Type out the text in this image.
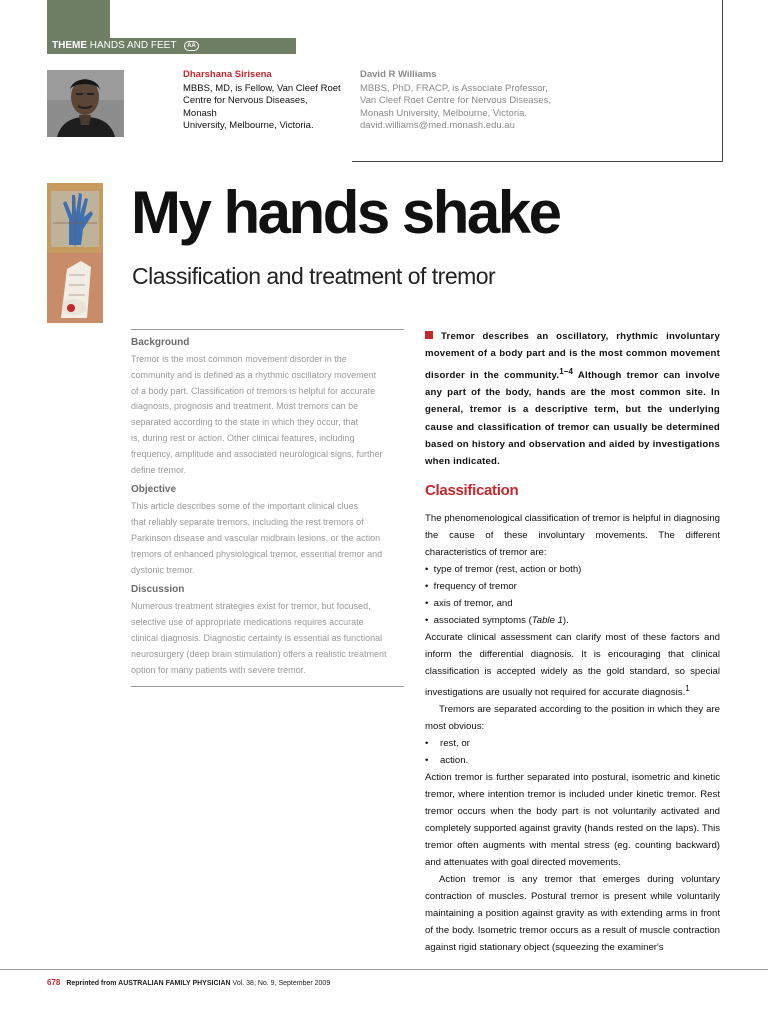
THEME HANDS AND FEET AA
Dharshana Sirisena
MBBS, MD, is Fellow, Van Cleef Roet
Centre for Nervous Diseases, Monash
University, Melbourne, Victoria.
David R Williams
MBBS, PhD, FRACP, is Associate Professor,
Van Cleef Roet Centre for Nervous Diseases,
Monash University, Melbourne, Victoria.
david.williams@med.monash.edu.au
My hands shake
Classification and treatment of tremor
Background
Tremor is the most common movement disorder in the
community and is defined as a rhythmic oscillatory movement
of a body part. Classification of tremors is helpful for accurate
diagnosis, prognosis and treatment. Most tremors can be
separated according to the state in which they occur, that
is, during rest or action. Other clinical features, including
frequency, amplitude and associated neurological signs, further
define tremor.
Objective
This article describes some of the important clinical clues
that reliably separate tremors, including the rest tremors of
Parkinson disease and vascular midbrain lesions, or the action
tremors of enhanced physiological tremor, essential tremor and
dystonic tremor.
Discussion
Numerous treatment strategies exist for tremor, but focused,
selective use of appropriate medications requires accurate
clinical diagnosis. Diagnostic certainty is essential as functional
neurosurgery (deep brain stimulation) offers a realistic treatment
option for many patients with severe tremor.
Tremor describes an oscillatory, rhythmic involuntary movement of a body part and is the most common movement disorder in the community.$^{1-4}$ Although tremor can involve any part of the body, hands are the most common site. In general, tremor is a descriptive term, but the underlying cause and classification of tremor can usually be determined based on history and observation and aided by investigations when indicated.
Classification

The phenomenological classification of tremor is helpful in diagnosing the cause of these involuntary movements. The different characteristics of tremor are:

• type of tremor (rest, action or both)
• frequency of tremor
• axis of tremor, and
• associated symptoms (Table 1).

Accurate clinical assessment can clarify most of these factors and inform the differential diagnosis. It is encouraging that clinical classification is accepted widely as the gold standard, so special investigations are usually not required for accurate diagnosis.$^1$

Tremors are separated according to the position in which they are most obvious:

• rest, or
• action.

Action tremor is further separated into postural, isometric and kinetic tremor, where intention tremor is included under kinetic tremor. Rest tremor occurs when the body part is not voluntarily activated and completely supported against gravity (hands rested on the laps). This tremor often augments with mental stress (eg. counting backward) and attenuates with goal directed movements.

Action tremor is any tremor that emerges during voluntary contraction of muscles. Postural tremor is present while voluntarily maintaining a position against gravity as with extending arms in front of the body. Isometric tremor occurs as a result of muscle contraction against rigid stationary object (squeezing the examiner's

678 Reprinted from AUSTRALIAN FAMILY PHYSICIAN Vol. 38, No. 9, September 2009
